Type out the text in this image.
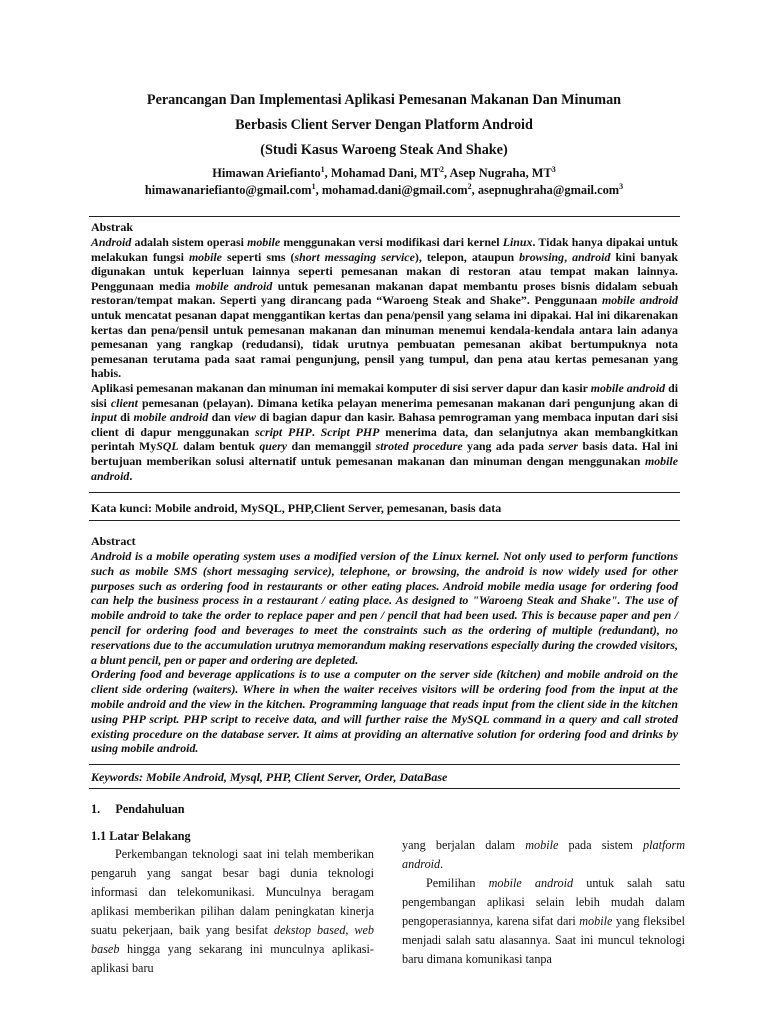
Perancangan Dan Implementasi Aplikasi Pemesanan Makanan Dan Minuman
Berbasis Client Server Dengan Platform Android
(Studi Kasus Waroeng Steak And Shake)
Himawan Ariefianto$^1$, Mohamad Dani, $MT^2$, Asep Nugraha, $MT^3$
himawanariefianto@gmail.com$^1$, mohamad.dani@gmail.com$^2$, asepnughraha@gmail.com$^3$
Abstrak

Android adalah sistem operasi mobile menggunakan versi modifikasi dari kernel Linux. Tidak hanya dipakai untuk melakukan fungsi mobile seperti sms (short messaging service), telepon, ataupun browsing, android kini banyak digunakan untuk keperluan lainnya seperti pemesanan makan di restoran atau tempat makan lainnya. Penggunaan media mobile android untuk pemesanan makanan dapat membantu proses bisnis didalam sebuah restoran/tempat makan. Seperti yang dirancang pada “Waroeng Steak and Shake”. Penggunaan mobile android untuk mencatat pesanan dapat menggantikan kertas dan pena/pensil yang selama ini dipakai. Hal ini dikarenakan kertas dan pena/pensil untuk pemesanan makanan dan minuman menemui kendala-kendala antara lain adanya pemesanan yang rangkap (redudansi), tidak urutnya pembuatan pemesanan akibat bertumpuknya nota pemesanan terutama pada saat ramai pengunjung, pensil yang tumpul, dan pena atau kertas pemesanan yang habis.

Aplikasi pemesanan makanan dan minuman ini memakai komputer di sisi server dapur dan kasir mobile android di sisi client pemesanan (pelayan). Dimana ketika pelayan menerima pemesanan makanan dari pengunjung akan di input di mobile android dan view di bagian dapur dan kasir. Bahasa pemrograman yang membaca inputan dari sisi client di dapur menggunakan script PHP. Script PHP menerima data, dan selanjutnya akan membangkitkan perintah MySQL dalam bentuk query dan memanggil stroted procedure yang ada pada server basis data. Hal ini bertujuan memberikan solusi alternatif untuk pemesanan makanan dan minuman dengan menggunakan mobile android.

Kata kunci: Mobile android, MySQL, PHP,Client Server, pemesanan, basis data
Abstract

Android is a mobile operating system uses a modified version of the Linux kernel. Not only used to perform functions such as mobile SMS (short messaging service), telephone, or browsing, the android is now widely used for other purposes such as ordering food in restaurants or other eating places. Android mobile media usage for ordering food can help the business process in a restaurant / eating place. As designed to "Waroeng Steak and Shake". The use of mobile android to take the order to replace paper and pen / pencil that had been used. This is because paper and pen / pencil for ordering food and beverages to meet the constraints such as the ordering of multiple (redundant), no reservations due to the accumulation urutnya memorandum making reservations especially during the crowded visitors, a blunt pencil, pen or paper and ordering are depleted.

Ordering food and beverage applications is to use a computer on the server side (kitchen) and mobile android on the client side ordering (waiters). Where in when the waiter receives visitors will be ordering food from the input at the mobile android and the view in the kitchen. Programming language that reads input from the client side in the kitchen using PHP script. PHP script to receive data, and will further raise the MySQL command in a query and call stroted existing procedure on the database server. It aims at providing an alternative solution for ordering food and drinks by using mobile android.

Keywords: Mobile Android, Mysql, PHP, Client Server, Order, DataBase
1. Pendahuluan
1.1 Latar Belakang

Perkembangan teknologi saat ini telah memberikan pengaruh yang sangat besar bagi dunia teknologi informasi dan telekomunikasi. Munculnya beragam aplikasi memberikan pilihan dalam peningkatan kinerja suatu pekerjaan, baik yang besifat dekstop based, web baseb hingga yang sekarang ini munculnya aplikasi-aplikasi baru

yang berjalan dalam mobile pada sistem platform android.

Pemilihan mobile android untuk salah satu pengembangan aplikasi selain lebih mudah dalam pengoperasiannya, karena sifat dari mobile yang fleksibel menjadi salah satu alasannya. Saat ini muncul teknologi baru dimana komunikasi tanpa
